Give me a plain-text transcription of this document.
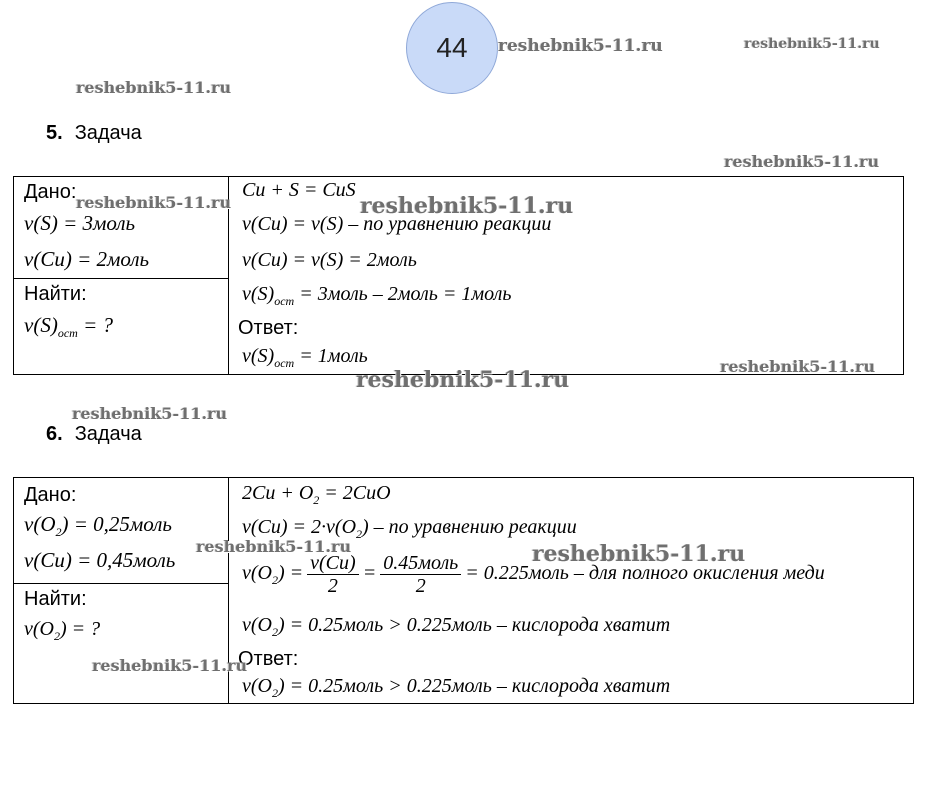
44 reshebnik5-11.ru	reshebnik5-11.ru
reshebnik5-11.ru
reshebnik5-11.ru
5. Задача
Дано:
ν(S) = 3моль
ν(Cu) = 2моль
Найти:
$\nu(S)_{ост}$ = ?
Cu + S = CuS
ν(Cu) = ν(S) – по уравнению реакции
ν(Cu) = ν(S) = 2моль
$\nu(S)_{ост}$ = 3моль – 2моль = 1моль
Ответ:
$\nu(S)_{ост}$ = 1моль
reshebnik5-11.ru	reshebnik5-11.ru
reshebnik5-11.ru
reshebnik5-11.ru
reshebnik5-11.ru
6. Задача
Дано:
$\nu(O_2)$ = 0,25моль
ν(Cu) = 0,45моль
Найти:
$\nu(O_2)$ = ?
$2Cu + O_2 = 2CuO$
$\nu(Cu) = 2\cdot\nu(O_2)$ – по уравнению реакции
$\nu(O_2) = \frac{\nu(Cu)}{2} = \frac{\text{0.45моль}}{2}$ = 0.225моль – для полного окисления меди
$\nu(O_2)$ = 0.25моль > 0.225моль – кислорода хватит
Ответ:
$\nu(O_2)$ = 0.25моль > 0.225моль – кислорода хватит
reshebnik5-11.ru	reshebnik5-11.ru
reshebnik5-11.ru
